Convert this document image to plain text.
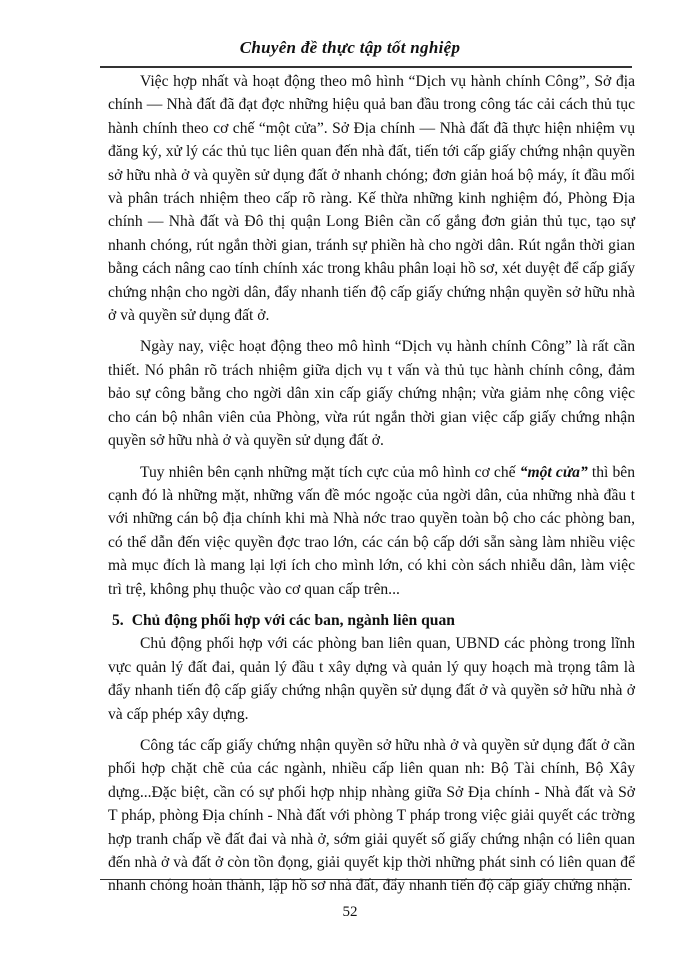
Chuyên đề thực tập tốt nghiệp

Việc hợp nhất và hoạt động theo mô hình “Dịch vụ hành chính Công”, Sở địa chính — Nhà đất đã đạt đợc những hiệu quả ban đầu trong công tác cải cách thủ tục hành chính theo cơ chế “một cửa”. Sở Địa chính — Nhà đất đã thực hiện nhiệm vụ đăng ký, xử lý các thủ tục liên quan đến nhà đất, tiến tới cấp giấy chứng nhận quyền sở hữu nhà ở và quyền sử dụng đất ở nhanh chóng; đơn giản hoá bộ máy, ít đầu mối và phân trách nhiệm theo cấp rõ ràng. Kế thừa những kinh nghiệm đó, Phòng Địa chính — Nhà đất và Đô thị quận Long Biên cần cố gắng đơn giản thủ tục, tạo sự nhanh chóng, rút ngắn thời gian, tránh sự phiền hà cho ngời dân. Rút ngắn thời gian bằng cách nâng cao tính chính xác trong khâu phân loại hồ sơ, xét duyệt để cấp giấy chứng nhận cho ngời dân, đẩy nhanh tiến độ cấp giấy chứng nhận quyền sở hữu nhà ở và quyền sử dụng đất ở.

Ngày nay, việc hoạt động theo mô hình “Dịch vụ hành chính Công” là rất cần thiết. Nó phân rõ trách nhiệm giữa dịch vụ t vấn và thủ tục hành chính công, đảm bảo sự công bằng cho ngời dân xin cấp giấy chứng nhận; vừa giảm nhẹ công việc cho cán bộ nhân viên của Phòng, vừa rút ngắn thời gian việc cấp giấy chứng nhận quyền sở hữu nhà ở và quyền sử dụng đất ở.

Tuy nhiên bên cạnh những mặt tích cực của mô hình cơ chế “một cửa” thì bên cạnh đó là những mặt, những vấn đề móc ngoặc của ngời dân, của những nhà đầu t với những cán bộ địa chính khi mà Nhà nớc trao quyền toàn bộ cho các phòng ban, có thể dẫn đến việc quyền đợc trao lớn, các cán bộ cấp dới sẵn sàng làm nhiều việc mà mục đích là mang lại lợi ích cho mình lớn, có khi còn sách nhiễu dân, làm việc trì trệ, không phụ thuộc vào cơ quan cấp trên...

5. Chủ động phối hợp với các ban, ngành liên quan

Chủ động phối hợp với các phòng ban liên quan, UBND các phòng trong lĩnh vực quản lý đất đai, quản lý đầu t xây dựng và quản lý quy hoạch mà trọng tâm là đẩy nhanh tiến độ cấp giấy chứng nhận quyền sử dụng đất ở và quyền sở hữu nhà ở và cấp phép xây dựng.

Công tác cấp giấy chứng nhận quyền sở hữu nhà ở và quyền sử dụng đất ở cần phối hợp chặt chẽ của các ngành, nhiều cấp liên quan nh: Bộ Tài chính, Bộ Xây dựng...Đặc biệt, cần có sự phối hợp nhịp nhàng giữa Sở Địa chính - Nhà đất và Sở T pháp, phòng Địa chính - Nhà đất với phòng T pháp trong việc giải quyết các trờng hợp tranh chấp về đất đai và nhà ở, sớm giải quyết số giấy chứng nhận có liên quan đến nhà ở và đất ở còn tồn đọng, giải quyết kịp thời những phát sinh có liên quan để nhanh chóng hoàn thành, lập hồ sơ nhà đất, đẩy nhanh tiến độ cấp giấy chứng nhận.

52
